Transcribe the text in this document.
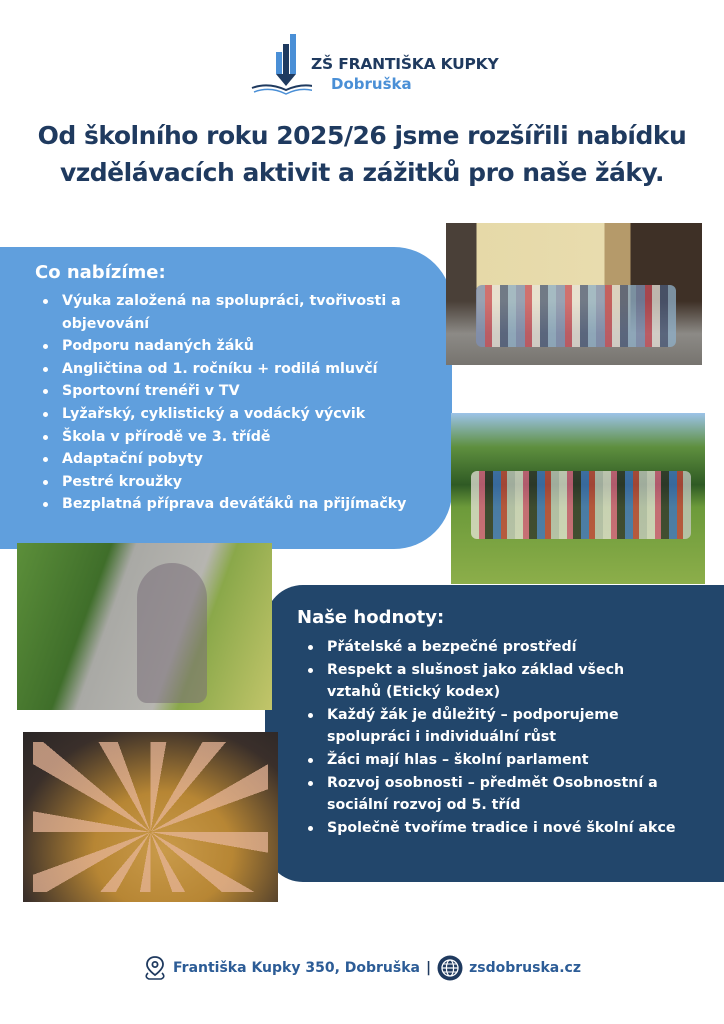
ZŠ FRANTIŠKA KUPKY
Dobruška
Od školního roku 2025/26 jsme rozšířili nabídku
vzdělávacích aktivit a zážitků pro naše žáky.
Co nabízíme:
Výuka založená na spolupráci, tvořivosti a
objevování
Podporu nadaných žáků
Angličtina od 1. ročníku + rodilá mluvčí
Sportovní trenéři v TV
Lyžařský, cyklistický a vodácký výcvik
Škola v přírodě ve 3. třídě
Adaptační pobyty
Pestré kroužky
Bezplatná příprava deváťáků na přijímačky
Naše hodnoty:
Přátelské a bezpečné prostředí
Respekt a slušnost jako základ všech
vztahů (Etický kodex)
Každý žák je důležitý – podporujeme
spolupráci i individuální růst
Žáci mají hlas – školní parlament
Rozvoj osobnosti – předmět Osobnostní a
sociální rozvoj od 5. tříd
Společně tvoříme tradice i nové školní akce
Františka Kupky 350, Dobruška |	zsdobruska.cz
